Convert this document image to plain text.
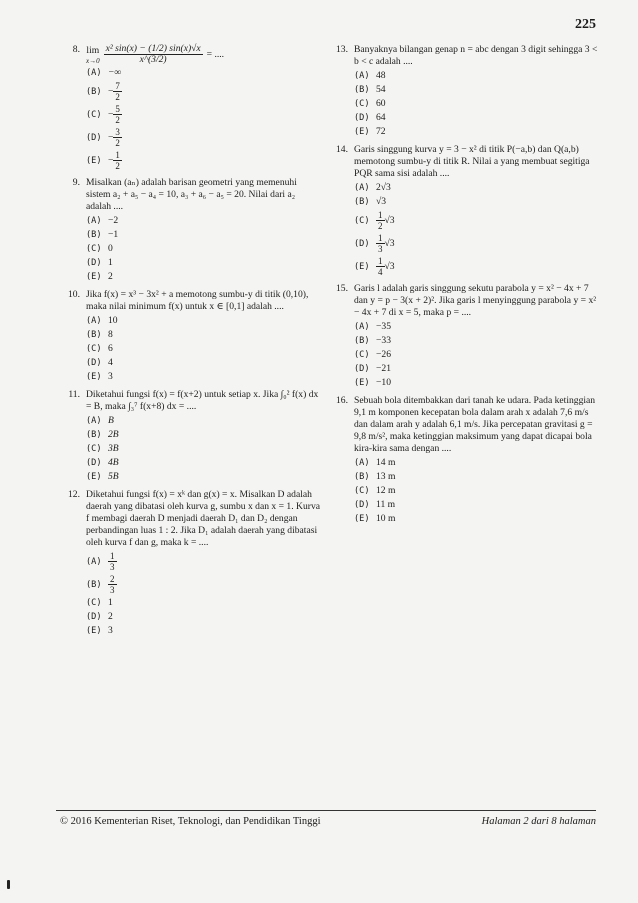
225
8. lim
$x\to 0 \frac{\text{x² sin(x) − (1/2) sin(x)√x}}{x\^{}(3/2)}$ = ....
(A) −∞
$(B) - \frac{7}{2}$
$(C) - \frac{5}{2}$
$(D) - \frac{3}{2}$
$(E) - \frac{1}{2}$
9. Misalkan (aₙ) adalah barisan geometri yang memenuhi sistem a₂ + a₅ − a₄ = 10, a₃ + a₆ − a₅ = 20. Nilai dari a₂ adalah ....
(A) −2
(B) −1
(C) 0
(D) 1
(E) 2
10. Jika f(x) = x³ − 3x² + a memotong sumbu-y di titik (0,10), maka nilai minimum f(x) untuk x ∈ [0,1] adalah ....
(A) 10
(B) 8
(C) 6
(D) 4
(E) 3
11. Diketahui fungsi f(x) = f(x+2) untuk setiap x. Jika ∫₀² f(x) dx = B, maka ∫₃⁷ f(x+8) dx = ....
(A) B
(B) 2B
(C) 3B
(D) 4B
(E) 5B
12. Diketahui fungsi f(x) = xᵏ dan g(x) = x. Misalkan D adalah daerah yang dibatasi oleh kurva g, sumbu x dan x = 1. Kurva f membagi daerah D menjadi daerah D₁ dan D₂ dengan perbandingan luas 1 : 2. Jika D₁ adalah daerah yang dibatasi oleh kurva f dan g, maka k = ....
$(A) \frac{1}{3}$
$(B) \frac{2}{3}$
(C) 1
(D) 2
(E) 3
13. Banyaknya bilangan genap n = abc dengan 3 digit sehingga 3 < b < c adalah ....
(A) 48
(B) 54
(C) 60
(D) 64
(E) 72
14. Garis singgung kurva y = 3 − x² di titik P(−a,b) dan Q(a,b) memotong sumbu-y di titik R. Nilai a yang membuat segitiga PQR sama sisi adalah ....
(A) 2√3
(B) √3
$(C) \frac{1}{2} √3$
$(D) \frac{1}{3} √3$
$(E) \frac{1}{4} √3$
15. Garis l adalah garis singgung sekutu parabola y = x² − 4x + 7 dan y = p − 3(x + 2)². Jika garis l menyinggung parabola y = x² − 4x + 7 di x = 5, maka p = ....
(A) −35
(B) −33
(C) −26
(D) −21
(E) −10
16. Sebuah bola ditembakkan dari tanah ke udara. Pada ketinggian 9,1 m komponen kecepatan bola dalam arah x adalah 7,6 m/s dan dalam arah y adalah 6,1 m/s. Jika percepatan gravitasi g = 9,8 m/s², maka ketinggian maksimum yang dapat dicapai bola kira-kira sama dengan ....
(A) 14 m
(B) 13 m
(C) 12 m
(D) 11 m
(E) 10 m
© 2016 Kementerian Riset, Teknologi, dan Pendidikan Tinggi	Halaman 2 dari 8 halaman
